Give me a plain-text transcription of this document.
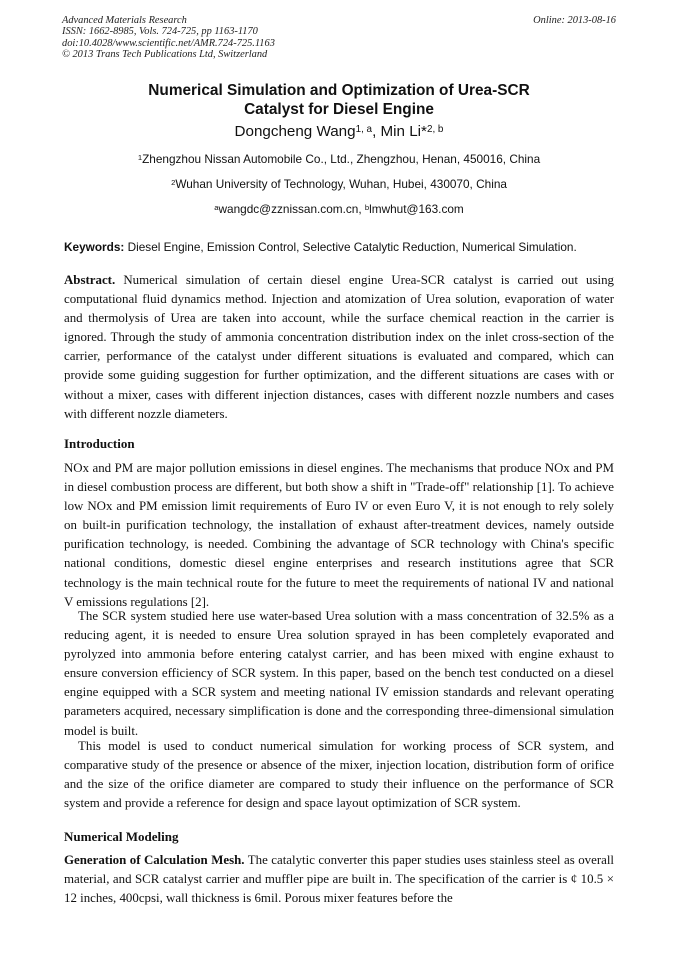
Advanced Materials Research
ISSN: 1662-8985, Vols. 724-725, pp 1163-1170
doi:10.4028/www.scientific.net/AMR.724-725.1163
© 2013 Trans Tech Publications Ltd, Switzerland
Online: 2013-08-16
Numerical Simulation and Optimization of Urea-SCR
Catalyst for Diesel Engine
Dongcheng Wang$^{1, a}$, Min Li*$^{2, b}$
$^1$Zhengzhou Nissan Automobile Co., Ltd., Zhengzhou, Henan, 450016, China
$^2$Wuhan University of Technology, Wuhan, Hubei, 430070, China
$^a$wangdc@zznissan.com.cn, $^b$lmwhut@163.com
Keywords: Diesel Engine, Emission Control, Selective Catalytic Reduction, Numerical Simulation.
Abstract. Numerical simulation of certain diesel engine Urea-SCR catalyst is carried out using computational fluid dynamics method. Injection and atomization of Urea solution, evaporation of water and thermolysis of Urea are taken into account, while the surface chemical reaction in the carrier is ignored. Through the study of ammonia concentration distribution index on the inlet cross-section of the carrier, performance of the catalyst under different situations is evaluated and compared, which can provide some guiding suggestion for further optimization, and the different situations are cases with or without a mixer, cases with different injection distances, cases with different nozzle numbers and cases with different nozzle diameters.
Introduction
NOx and PM are major pollution emissions in diesel engines. The mechanisms that produce NOx and PM in diesel combustion process are different, but both show a shift in "Trade-off" relationship [1]. To achieve low NOx and PM emission limit requirements of Euro IV or even Euro V, it is not enough to rely solely on built-in purification technology, the installation of exhaust after-treatment devices, namely outside purification technology, is needed. Combining the advantage of SCR technology with China's specific national conditions, domestic diesel engine enterprises and research institutions agree that SCR technology is the main technical route for the future to meet the requirements of national IV and national V emissions regulations [2].
The SCR system studied here use water-based Urea solution with a mass concentration of 32.5% as a reducing agent, it is needed to ensure Urea solution sprayed in has been completely evaporated and pyrolyzed into ammonia before entering catalyst carrier, and has been mixed with engine exhaust to ensure conversion efficiency of SCR system. In this paper, based on the bench test conducted on a diesel engine equipped with a SCR system and meeting national IV emission standards and relevant operating parameters acquired, necessary simplification is done and the corresponding three-dimensional simulation model is built.
This model is used to conduct numerical simulation for working process of SCR system, and comparative study of the presence or absence of the mixer, injection location, distribution form of orifice and the size of the orifice diameter are compared to study their influence on the performance of SCR system and provide a reference for design and space layout optimization of SCR system.
Numerical Modeling
Generation of Calculation Mesh. The catalytic converter this paper studies uses stainless steel as overall material, and SCR catalyst carrier and muffler pipe are built in. The specification of the carrier is ¢ 10.5 × 12 inches, 400cpsi, wall thickness is 6mil. Porous mixer features before the
